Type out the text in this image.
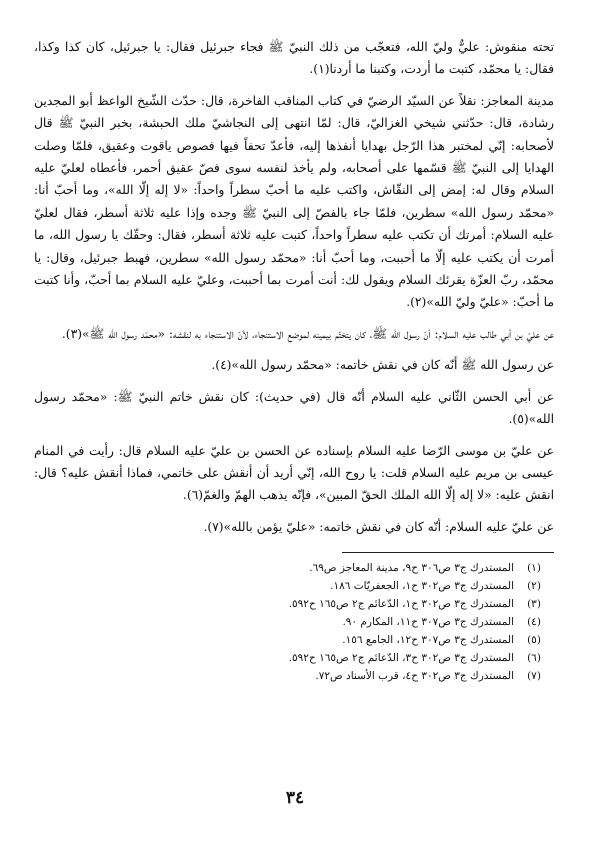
تحته منقوش: عليٌّ وليّ الله، فتعجّب من ذلك النبيّ ﷺ فجاء جبرئيل فقال: يا جبرئيل، كان كذا وكذا، فقال: يا محمّد، كتبت ما أردت، وكتبنا ما أردنا(١).

مدينة المعاجز: نقلاً عن السيّد الرضيّ في كتاب المناقب الفاخرة، قال: حدّث الشّيخ الواعظ أبو المجدين رشادة، قال: حدّثني شيخي الغزاليّ، قال: لمّا انتهى إلى النجاشيّ ملك الحبشة، بخبر النبيّ ﷺ قال لأصحابه: إنّي لمختبر هذا الرّجل بهدايا أنفذها إليه، فأعدّ تحفاً فيها فصوص ياقوت وعقيق، فلمّا وصلت الهدايا إلى النبيّ ﷺ قسّمها على أصحابه، ولم يأخذ لنفسه سوى فصّ عقيق أحمر، فأعطاه لعليّ عليه السلام وقال له: إمض إلى النقّاش، واكتب عليه ما أحبّ سطراً واحداً: «لا إله إلّا الله»، وما أحبّ أنا: «محمّد رسول الله» سطرين، فلمّا جاء بالفصّ إلى النبيّ ﷺ وجده وإذا عليه ثلاثة أسطر، فقال لعليّ عليه السلام: أمرتك أن تكتب عليه سطراً واحداً، كتبت عليه ثلاثة أسطر، فقال: وحقّك يا رسول الله، ما أمرت أن يكتب عليه إلّا ما أحببت، وما أحبّ أنا: «محمّد رسول الله» سطرين، فهبط جبرئيل، وقال: يا محمّد، ربّ العزّة يقرئك السلام ويقول لك: أنت أمرت بما أحببت، وعليّ عليه السلام بما أحبّ، وأنا كتبت ما أحبّ: «عليّ وليّ الله»(٢).

عن عليّ بن أبي طالب عليه السلام: أنّ رسول الله ﷺ، كان يتختّم بيمينه لموضع الاستنجاء، لأنّ الاستنجاء به لنقشه: «محمّد رسول الله ﷺ»(٣).

عن رسول الله ﷺ أنّه كان في نقش خاتمه: «محمّد رسول الله»(٤).

عن أبي الحسن الثّاني عليه السلام أنّه قال (في حديث): كان نقش خاتم النبيّ ﷺ: «محمّد رسول الله»(٥).

عن عليّ بن موسى الرّضا عليه السلام بإسناده عن الحسن بن عليّ عليه السلام قال: رأيت في المنام عيسى بن مريم عليه السلام قلت: يا روح الله، إنّي أريد أن أنقش على خاتمي، فماذا أنقش عليه؟ قال: انقش عليه: «لا إله إلّا الله الملك الحقّ المبين»، فإنّه يذهب الهمّ والغمّ(٦).

عن عليّ عليه السلام: أنّه كان في نقش خاتمه: «عليّ يؤمن بالله»(٧).

(١)
المستدرك ج٣ ص٣٠٦ ح٩، مدينة المعاجز ص٦٩.
(٢)
المستدرك ج٣ ص٣٠٢ ح١، الجعفريّات ١٨٦.
(٣)
المستدرك ج٣ ص٣٠٢ ح١، الدّعائم ج٢ ص١٦٥ ح٥٩٢.
(٤)
المستدرك ج٣ ص٣٠٧ ح١١، المكارم ٩٠.
(٥)
المستدرك ج٣ ص٣٠٧ ح١٢، الجامع ١٥٦.
(٦)
المستدرك ج٣ ص٣٠٢ ح٣، الدّعائم ج٢ ص١٦٥ ح٥٩٢.
(٧)
المستدرك ج٣ ص٣٠٢ ح٤، قرب الأسناد ص٧٢.
٣٤
